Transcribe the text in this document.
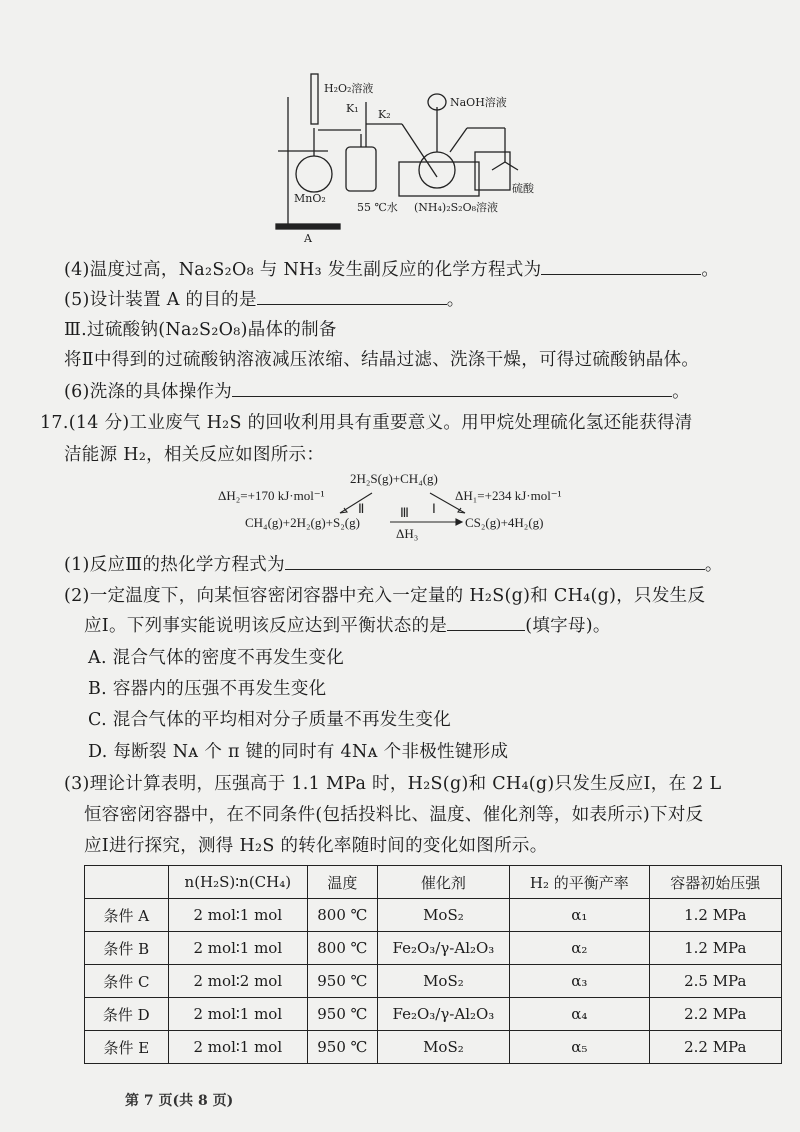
H₂O₂溶液
K₁ K₂
NaOH溶液
MnO₂
55 ℃水 (NH₄)₂S₂O₈溶液
硫酸
A
(4)温度过高，Na₂S₂O₈ 与 NH₃ 发生副反应的化学方程式为	。
(5)设计装置 A 的目的是	。
Ⅲ.过硫酸钠(Na₂S₂O₈)晶体的制备
将Ⅱ中得到的过硫酸钠溶液减压浓缩、结晶过滤、洗涤干燥，可得过硫酸钠晶体。
(6)洗涤的具体操作为	。
17.(14 分)工业废气 H₂S 的回收利用具有重要意义。用甲烷处理硫化氢还能获得清
洁能源 H₂，相关反应如图所示：
2H₂S(g)+CH₄(g)
ΔH₂=+170 kJ·mol⁻¹	ΔH₁=+234 kJ·mol⁻¹
CH₄(g)+2H₂(g)+S₂(g)	CS₂(g)+4H₂(g)
Ⅱ	Ⅰ
Ⅲ
ΔH₃
(1)反应Ⅲ的热化学方程式为	。
(2)一定温度下，向某恒容密闭容器中充入一定量的 H₂S(g)和 CH₄(g)，只发生反
应Ⅰ。下列事实能说明该反应达到平衡状态的是	(填字母)。
A. 混合气体的密度不再发生变化
B. 容器内的压强不再发生变化
C. 混合气体的平均相对分子质量不再发生变化
D. 每断裂 Nᴀ 个 π 键的同时有 4Nᴀ 个非极性键形成
(3)理论计算表明，压强高于 1.1 MPa 时，H₂S(g)和 CH₄(g)只发生反应Ⅰ，在 2 L
恒容密闭容器中，在不同条件(包括投料比、温度、催化剂等，如表所示)下对反
应Ⅰ进行探究，测得 H₂S 的转化率随时间的变化如图所示。
	n(H₂S)∶n(CH₄)	温度	催化剂	H₂ 的平衡产率	容器初始压强
条件 A	2 mol∶1 mol	800 ℃	MoS₂	α₁	1.2 MPa
条件 B	2 mol∶1 mol	800 ℃	Fe₂O₃/γ-Al₂O₃	α₂	1.2 MPa
条件 C	2 mol∶2 mol	950 ℃	MoS₂	α₃	2.5 MPa
条件 D	2 mol∶1 mol	950 ℃	Fe₂O₃/γ-Al₂O₃	α₄	2.2 MPa
条件 E	2 mol∶1 mol	950 ℃	MoS₂	α₅	2.2 MPa
第 7 页(共 8 页)
